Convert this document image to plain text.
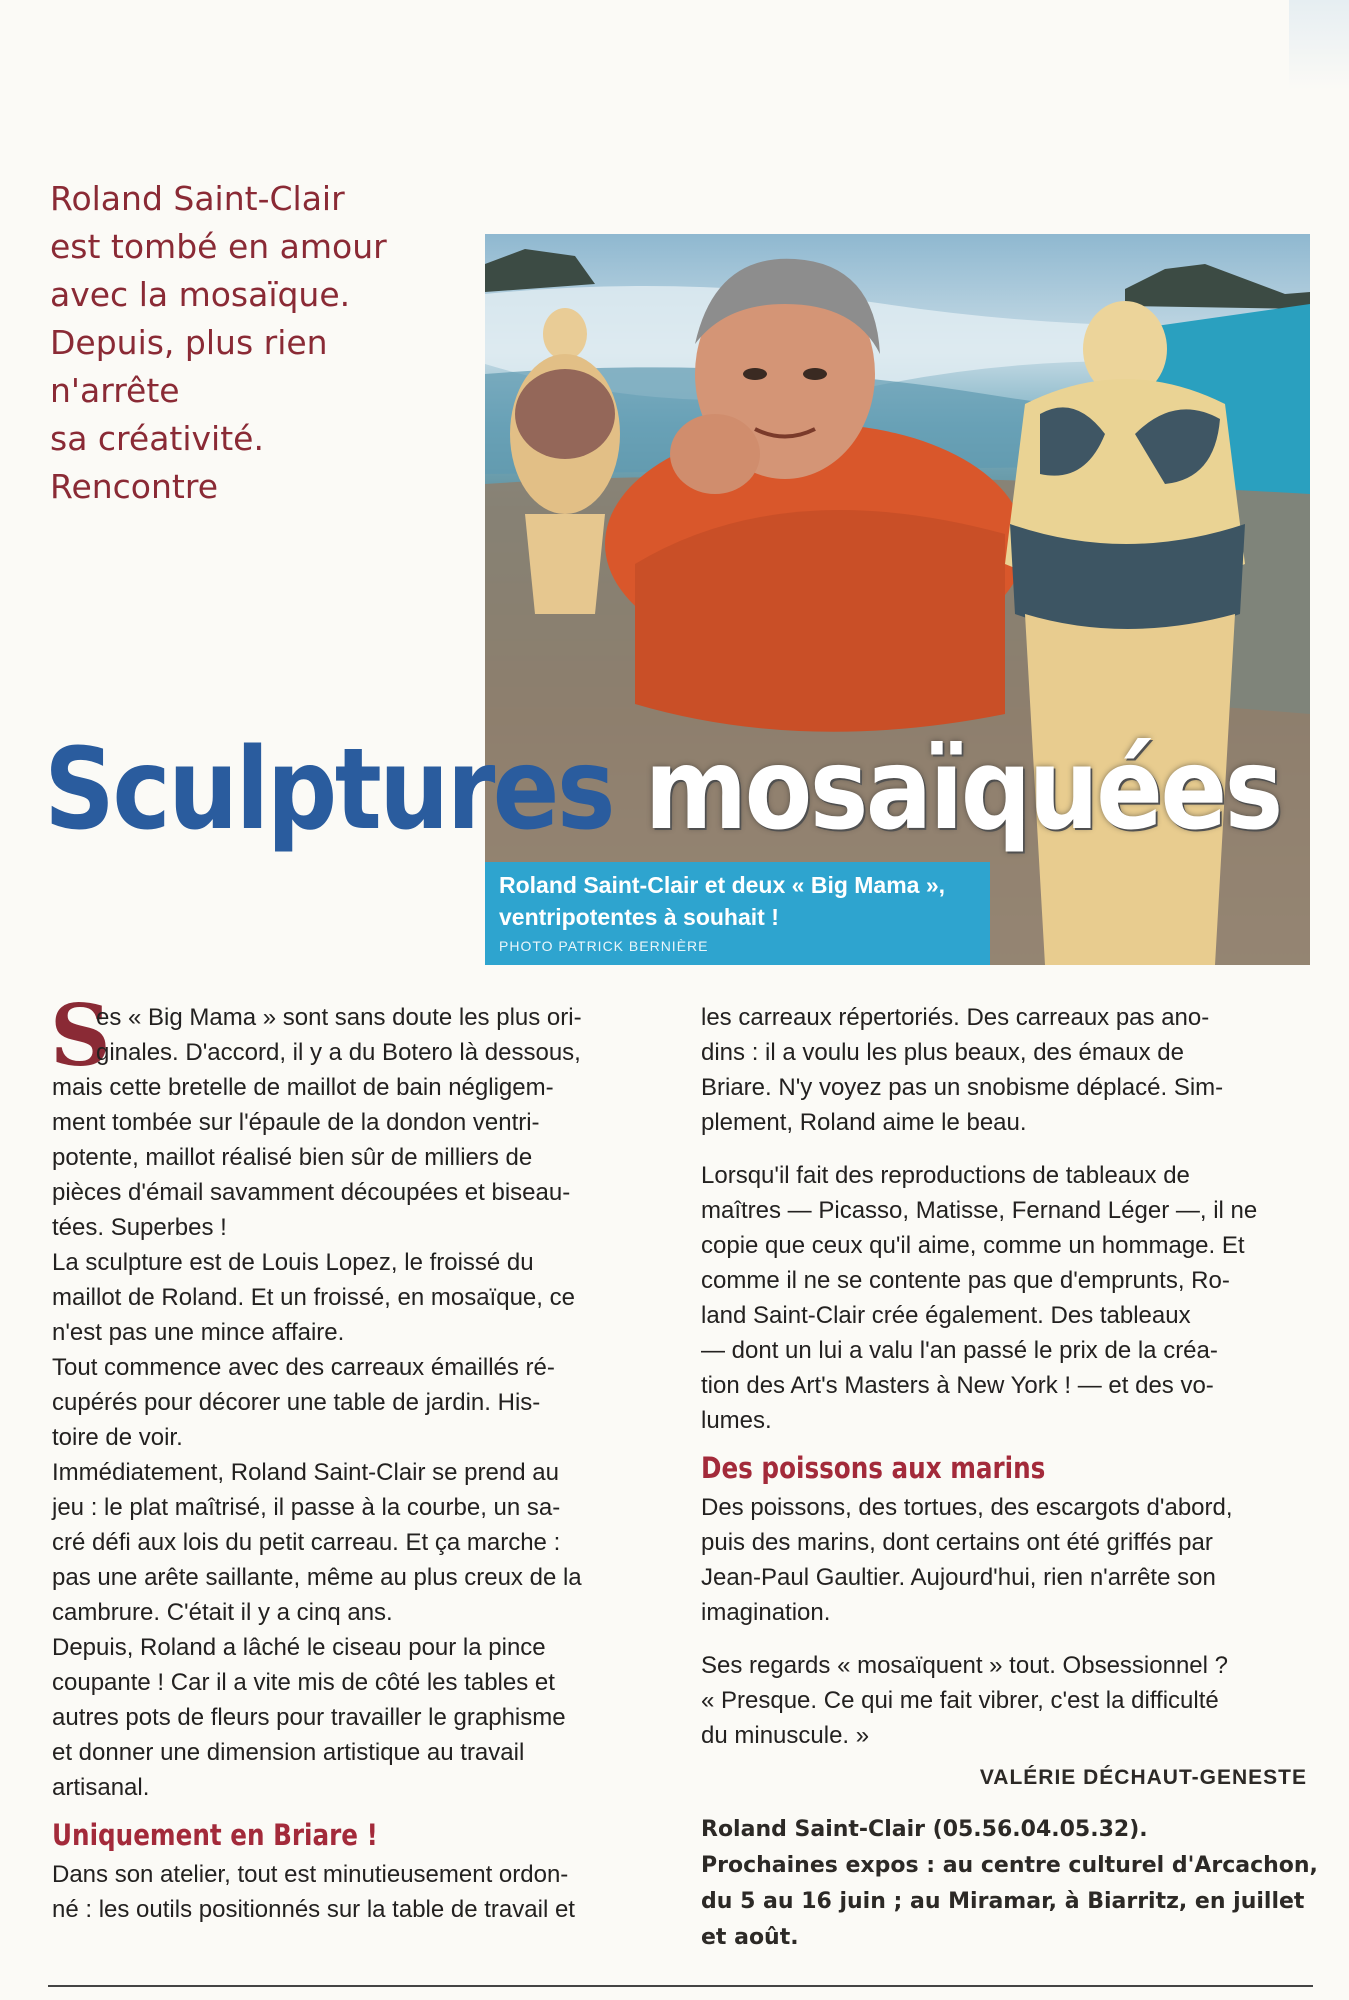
Roland Saint-Clair
est tombé en amour
avec la mosaïque.
Depuis, plus rien
n'arrête
sa créativité.
Rencontre
Sculptures mosaïquées
Roland Saint-Clair et deux « Big Mama »,
ventripotentes à souhait !
PHOTO PATRICK BERNIÈRE
S
es « Big Mama » sont sans doute les plus ori-
ginales. D'accord, il y a du Botero là dessous,
mais cette bretelle de maillot de bain négligem-
ment tombée sur l'épaule de la dondon ventri-
potente, maillot réalisé bien sûr de milliers de
pièces d'émail savamment découpées et biseau-
tées. Superbes !
La sculpture est de Louis Lopez, le froissé du
maillot de Roland. Et un froissé, en mosaïque, ce
n'est pas une mince affaire.
Tout commence avec des carreaux émaillés ré-
cupérés pour décorer une table de jardin. His-
toire de voir.
Immédiatement, Roland Saint-Clair se prend au
jeu : le plat maîtrisé, il passe à la courbe, un sa-
cré défi aux lois du petit carreau. Et ça marche :
pas une arête saillante, même au plus creux de la
cambrure. C'était il y a cinq ans.
Depuis, Roland a lâché le ciseau pour la pince
coupante ! Car il a vite mis de côté les tables et
autres pots de fleurs pour travailler le graphisme
et donner une dimension artistique au travail
artisanal.
Uniquement en Briare !
Dans son atelier, tout est minutieusement ordon-
né : les outils positionnés sur la table de travail et
les carreaux répertoriés. Des carreaux pas ano-
dins : il a voulu les plus beaux, des émaux de
Briare. N'y voyez pas un snobisme déplacé. Sim-
plement, Roland aime le beau.
Lorsqu'il fait des reproductions de tableaux de
maîtres — Picasso, Matisse, Fernand Léger —, il ne
copie que ceux qu'il aime, comme un hommage. Et
comme il ne se contente pas que d'emprunts, Ro-
land Saint-Clair crée également. Des tableaux
— dont un lui a valu l'an passé le prix de la créa-
tion des Art's Masters à New York ! — et des vo-
lumes.
Des poissons aux marins
Des poissons, des tortues, des escargots d'abord,
puis des marins, dont certains ont été griffés par
Jean-Paul Gaultier. Aujourd'hui, rien n'arrête son
imagination.
Ses regards « mosaïquent » tout. Obsessionnel ?
« Presque. Ce qui me fait vibrer, c'est la difficulté
du minuscule. »
VALÉRIE DÉCHAUT-GENESTE
Roland Saint-Clair (05.56.04.05.32).
Prochaines expos : au centre culturel d'Arcachon,
du 5 au 16 juin ; au Miramar, à Biarritz, en juillet
et août.
